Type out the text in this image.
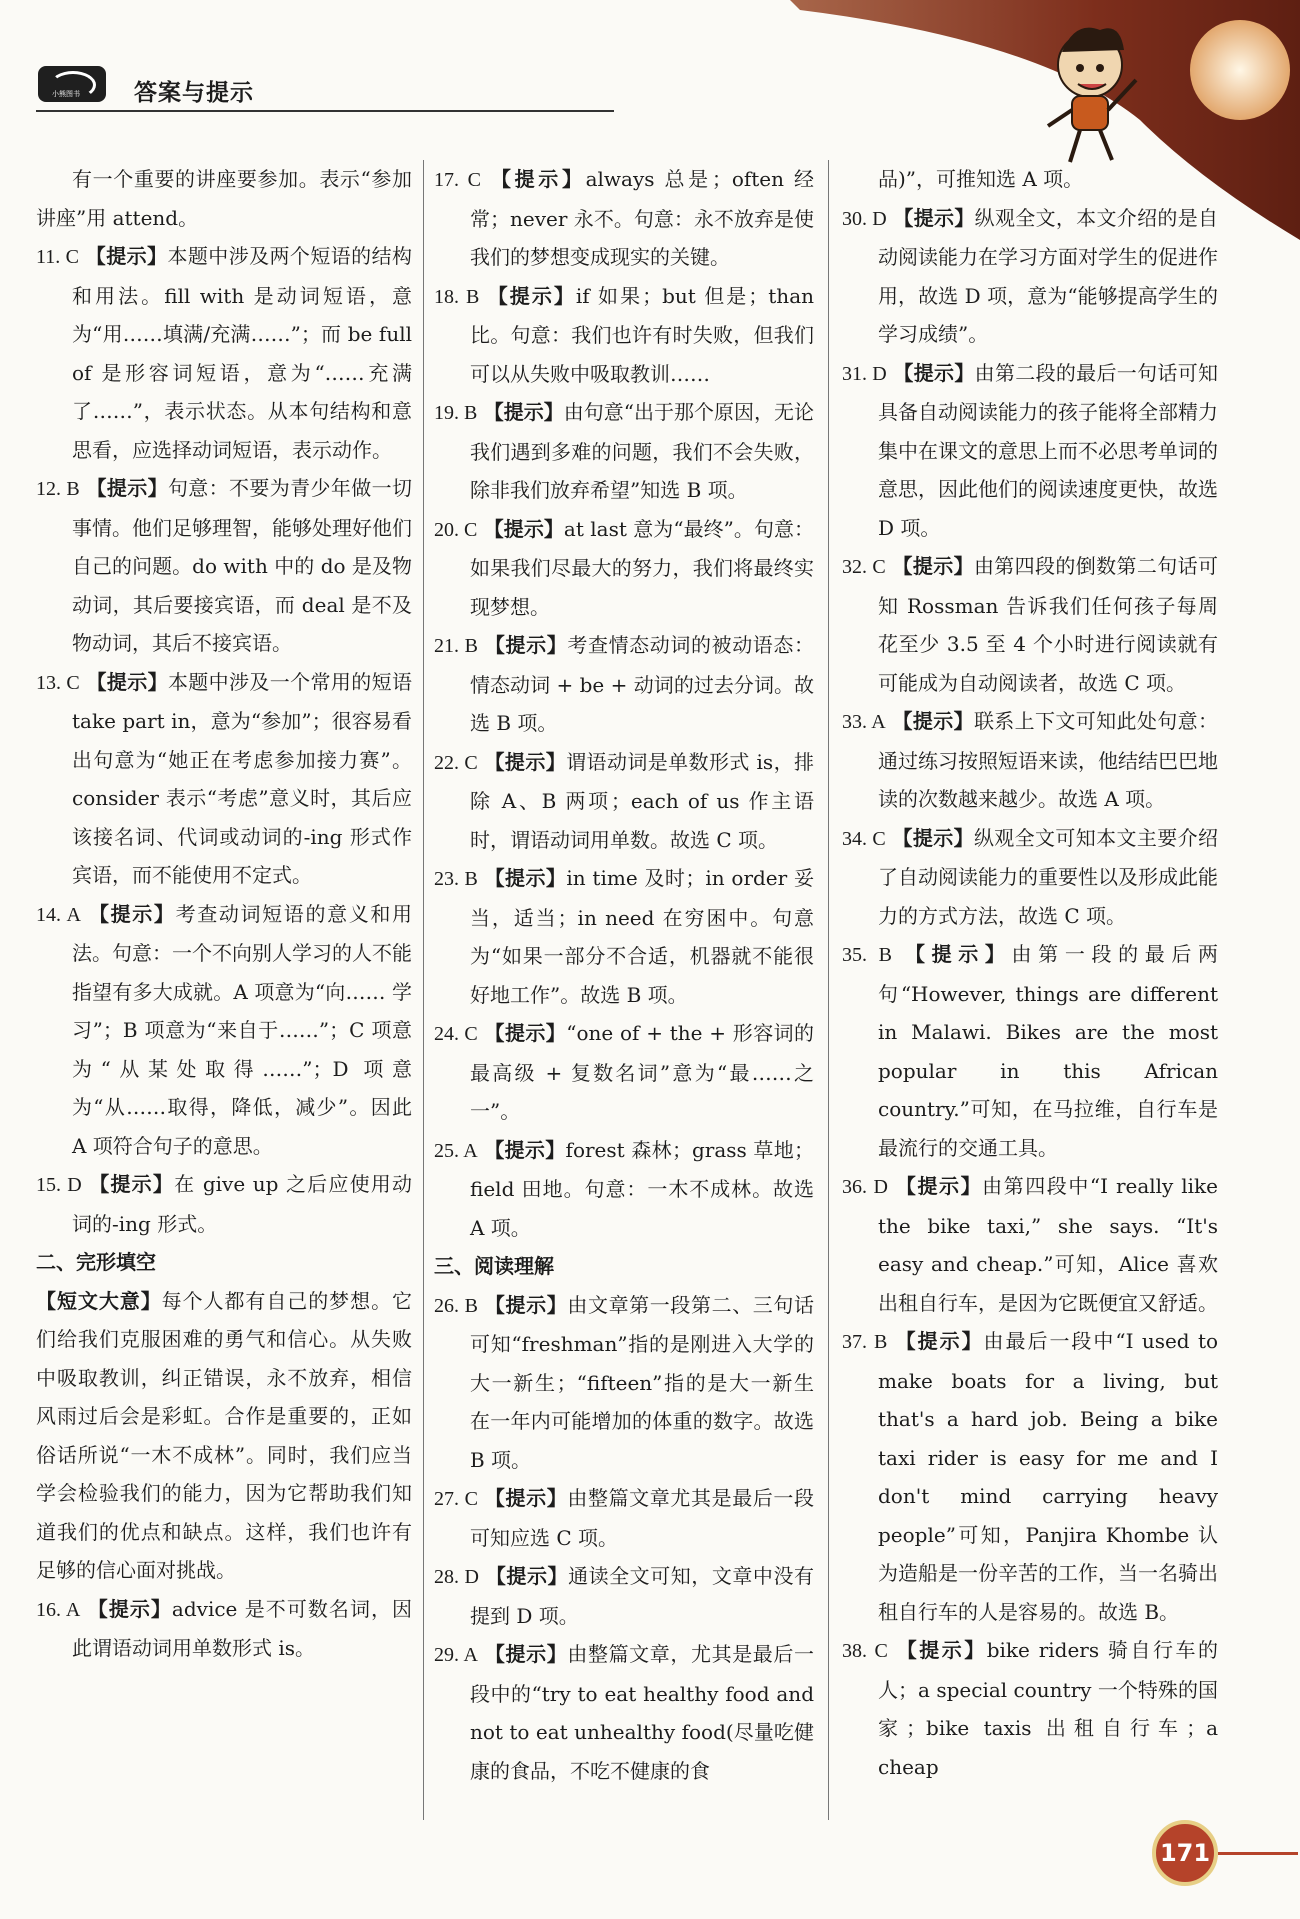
小熊图书 答案与提示

有一个重要的讲座要参加。表示“参加讲座”用 attend。

11. C 【提示】本题中涉及两个短语的结构和用法。fill with 是动词短语，意为“用……填满/充满……”；而 be full of 是形容词短语，意为“……充满了……”，表示状态。从本句结构和意思看，应选择动词短语，表示动作。
12. B 【提示】句意：不要为青少年做一切事情。他们足够理智，能够处理好他们自己的问题。do with 中的 do 是及物动词，其后要接宾语，而 deal 是不及物动词，其后不接宾语。
13. C 【提示】本题中涉及一个常用的短语 take part in，意为“参加”；很容易看出句意为“她正在考虑参加接力赛”。consider 表示“考虑”意义时，其后应该接名词、代词或动词的-ing 形式作宾语，而不能使用不定式。
14. A 【提示】考查动词短语的意义和用法。句意：一个不向别人学习的人不能指望有多大成就。A 项意为“向…… 学习”；B 项意为“来自于……”；C 项意为“从某处取得……”；D 项意为“从……取得，降低，减少”。因此 A 项符合句子的意思。
15. D 【提示】在 give up 之后应使用动词的-ing 形式。
二、完形填空

【短文大意】每个人都有自己的梦想。它们给我们克服困难的勇气和信心。从失败中吸取教训，纠正错误，永不放弃，相信风雨过后会是彩虹。合作是重要的，正如俗话所说“一木不成林”。同时，我们应当学会检验我们的能力，因为它帮助我们知道我们的优点和缺点。这样，我们也许有足够的信心面对挑战。

16. A 【提示】advice 是不可数名词，因此谓语动词用单数形式 is。
17. C 【提示】always 总是；often 经常；never 永不。句意：永不放弃是使我们的梦想变成现实的关键。
18. B 【提示】if 如果；but 但是；than 比。句意：我们也许有时失败，但我们可以从失败中吸取教训……
19. B 【提示】由句意“出于那个原因，无论我们遇到多难的问题，我们不会失败，除非我们放弃希望”知选 B 项。
20. C 【提示】at last 意为“最终”。句意：如果我们尽最大的努力，我们将最终实现梦想。
21. B 【提示】考查情态动词的被动语态：情态动词 + be + 动词的过去分词。故选 B 项。
22. C 【提示】谓语动词是单数形式 is，排除 A、B 两项；each of us 作主语时，谓语动词用单数。故选 C 项。
23. B 【提示】in time 及时；in order 妥当，适当；in need 在穷困中。句意为“如果一部分不合适，机器就不能很好地工作”。故选 B 项。
24. C 【提示】“one of + the + 形容词的最高级 + 复数名词”意为“最……之一”。
25. A 【提示】forest 森林；grass 草地；field 田地。句意：一木不成林。故选 A 项。
三、阅读理解
26. B 【提示】由文章第一段第二、三句话可知“freshman”指的是刚进入大学的大一新生；“fifteen”指的是大一新生在一年内可能增加的体重的数字。故选 B 项。
27. C 【提示】由整篇文章尤其是最后一段可知应选 C 项。
28. D 【提示】通读全文可知，文章中没有提到 D 项。
29. A 【提示】由整篇文章，尤其是最后一段中的“try to eat healthy food and not to eat unhealthy food(尽量吃健康的食品，不吃不健康的食

品)”，可推知选 A 项。

30. D 【提示】纵观全文，本文介绍的是自动阅读能力在学习方面对学生的促进作用，故选 D 项，意为“能够提高学生的学习成绩”。
31. D 【提示】由第二段的最后一句话可知具备自动阅读能力的孩子能将全部精力集中在课文的意思上而不必思考单词的意思，因此他们的阅读速度更快，故选 D 项。
32. C 【提示】由第四段的倒数第二句话可知 Rossman 告诉我们任何孩子每周花至少 3.5 至 4 个小时进行阅读就有可能成为自动阅读者，故选 C 项。
33. A 【提示】联系上下文可知此处句意：通过练习按照短语来读，他结结巴巴地读的次数越来越少。故选 A 项。
34. C 【提示】纵观全文可知本文主要介绍了自动阅读能力的重要性以及形成此能力的方式方法，故选 C 项。
35. B 【提示】由第一段的最后两句“However, things are different in Malawi. Bikes are the most popular in this African country.”可知，在马拉维，自行车是最流行的交通工具。
36. D 【提示】由第四段中“I really like the bike taxi,” she says. “It's easy and cheap.”可知，Alice 喜欢出租自行车，是因为它既便宜又舒适。
37. B 【提示】由最后一段中“I used to make boats for a living, but that's a hard job. Being a bike taxi rider is easy for me and I don't mind carrying heavy people”可知，Panjira Khombe 认为造船是一份辛苦的工作，当一名骑出租自行车的人是容易的。故选 B。
38. C 【提示】bike riders 骑自行车的人；a special country 一个特殊的国家；bike taxis 出租自行车；a cheap
171
